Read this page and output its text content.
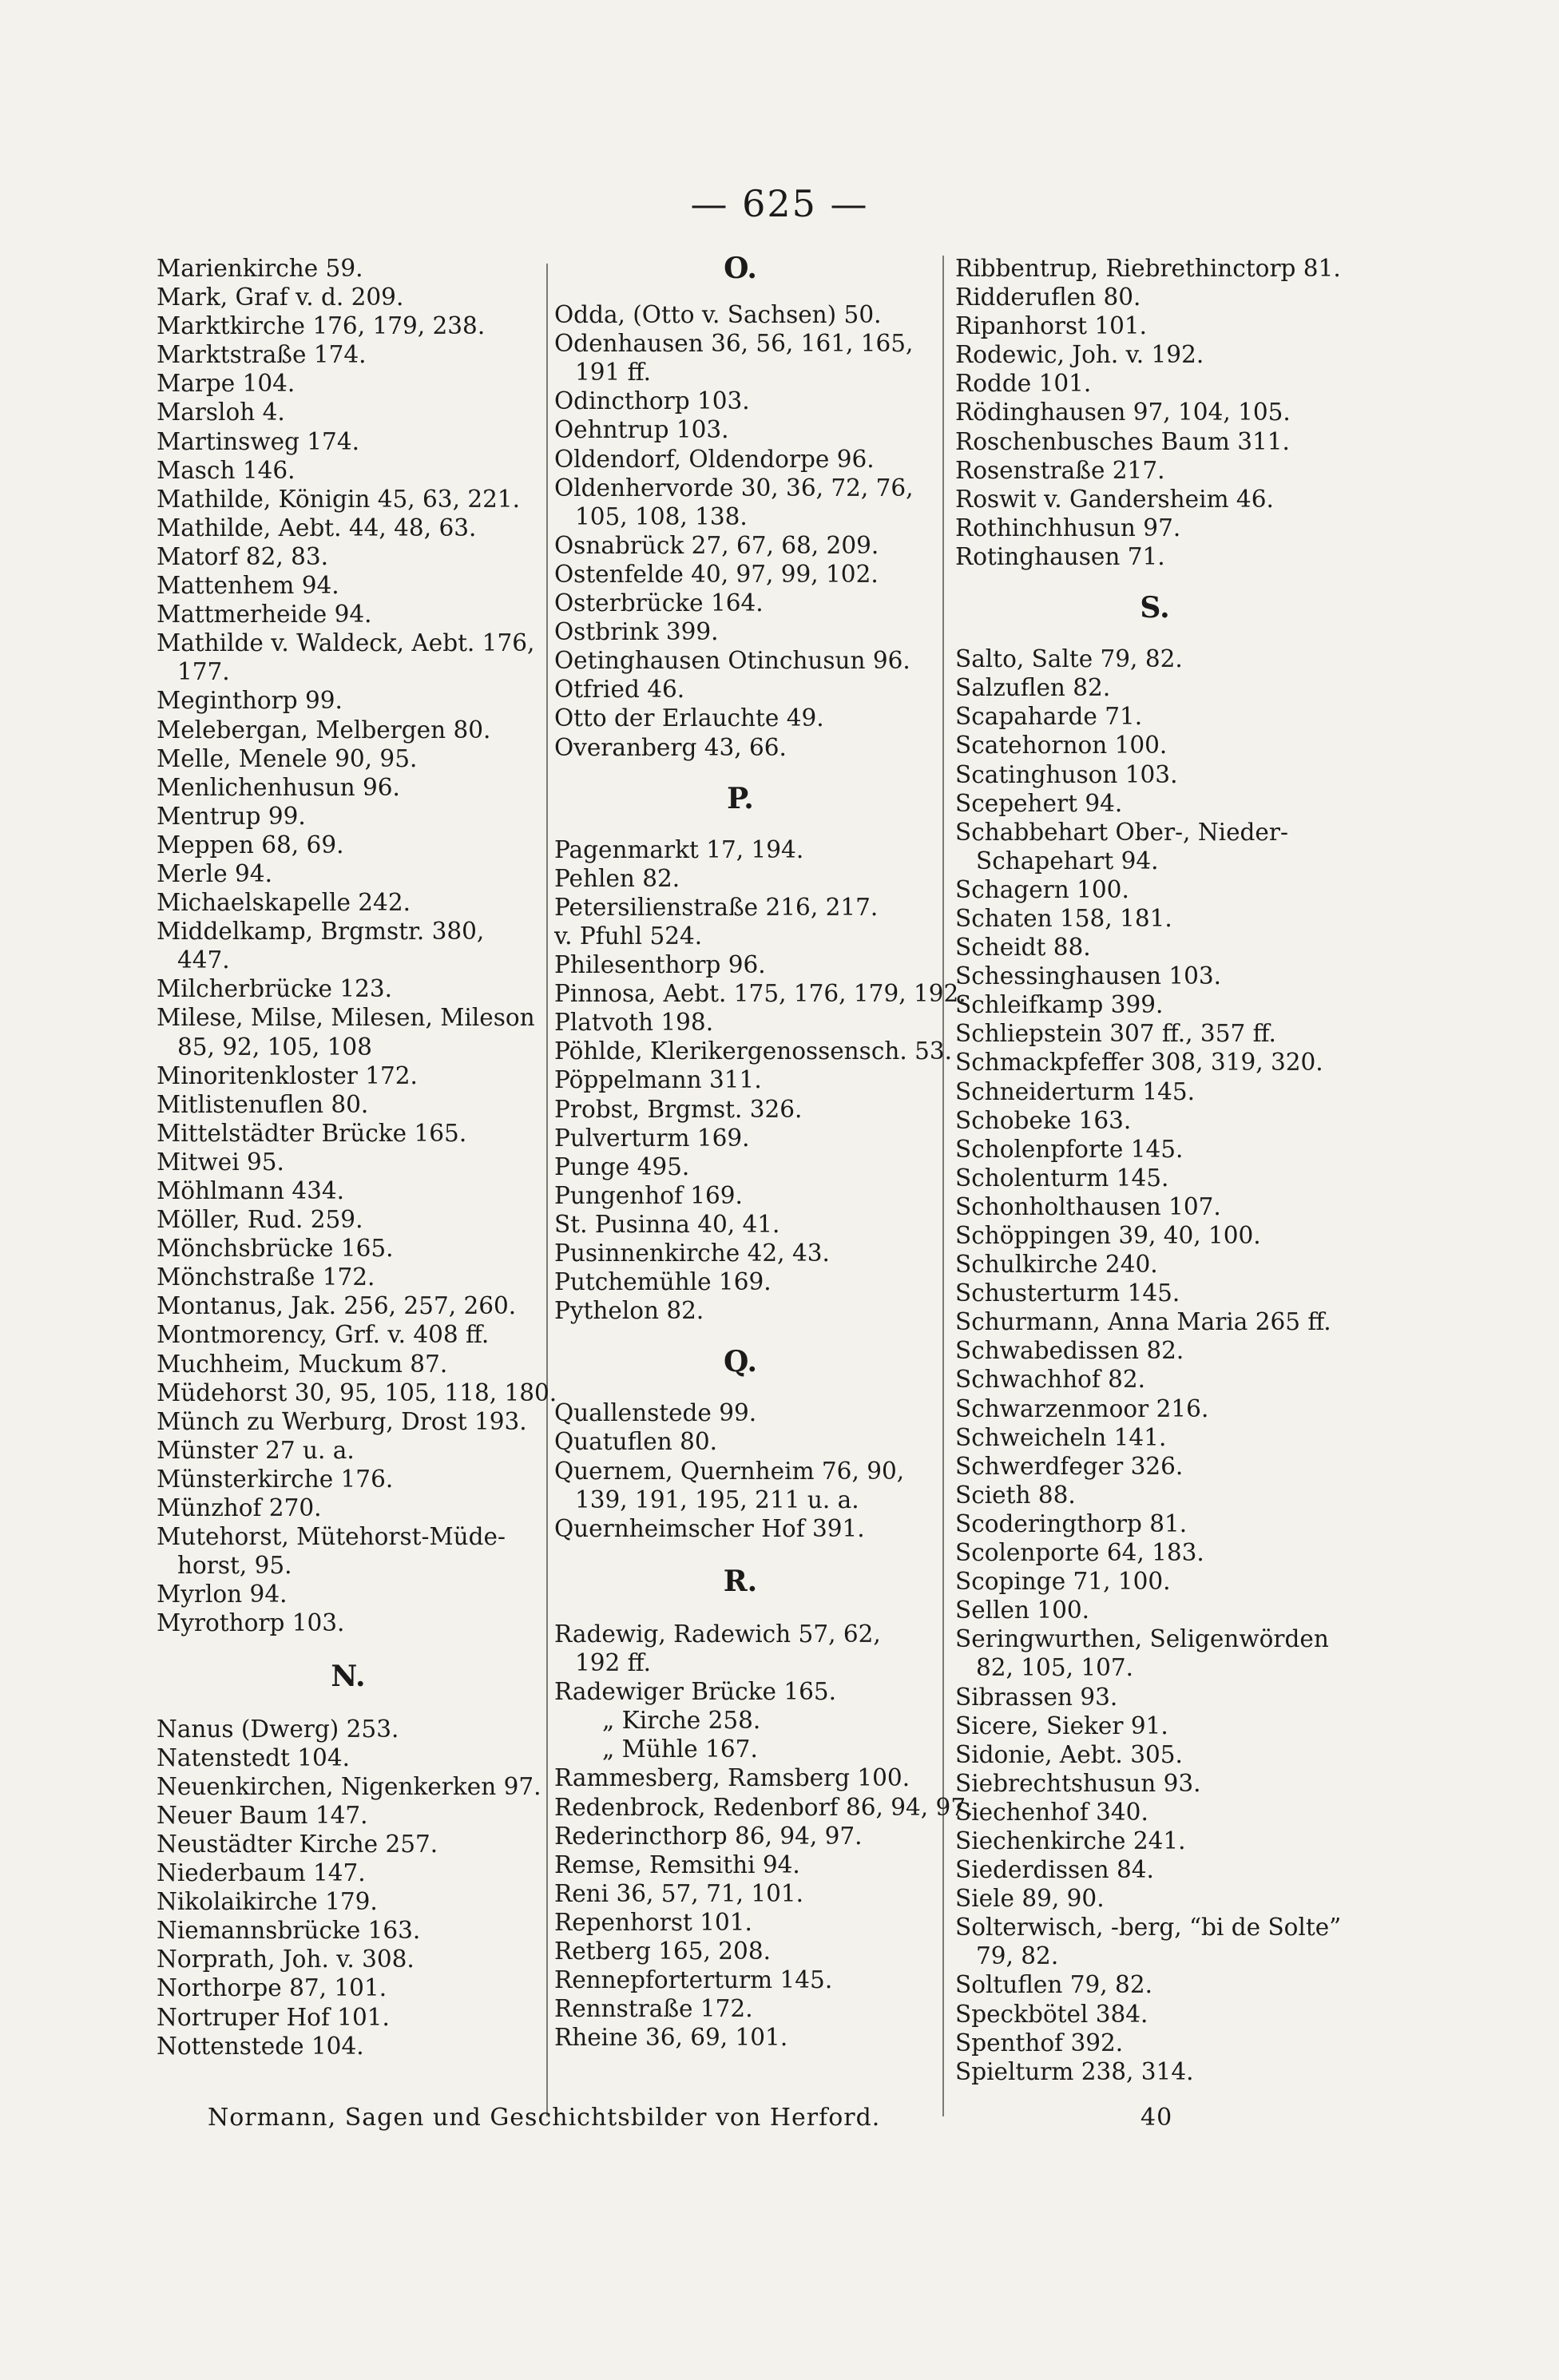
— 625 —
Marienkirche 59.
Mark, Graf v. d. 209.
Marktkirche 176, 179, 238.
Marktstraße 174.
Marpe 104.
Marsloh 4.
Martinsweg 174.
Masch 146.
Mathilde, Königin 45, 63, 221.
Mathilde, Aebt. 44, 48, 63.
Matorf 82, 83.
Mattenhem 94.
Mattmerheide 94.
Mathilde v. Waldeck, Aebt. 176,
177.
Meginthorp 99.
Melebergan, Melbergen 80.
Melle, Menele 90, 95.
Menlichenhusun 96.
Mentrup 99.
Meppen 68, 69.
Merle 94.
Michaelskapelle 242.
Middelkamp, Brgmstr. 380,
447.
Milcherbrücke 123.
Milese, Milse, Milesen, Mileson
85, 92, 105, 108
Minoritenkloster 172.
Mitlistenuflen 80.
Mittelstädter Brücke 165.
Mitwei 95.
Möhlmann 434.
Möller, Rud. 259.
Mönchsbrücke 165.
Mönchstraße 172.
Montanus, Jak. 256, 257, 260.
Montmorency, Grf. v. 408 ff.
Muchheim, Muckum 87.
Müdehorst 30, 95, 105, 118, 180.
Münch zu Werburg, Drost 193.
Münster 27 u. a.
Münsterkirche 176.
Münzhof 270.
Mutehorst, Mütehorst-Müde-
horst, 95.
Myrlon 94.
Myrothorp 103.
N.
Nanus (Dwerg) 253.
Natenstedt 104.
Neuenkirchen, Nigenkerken 97.
Neuer Baum 147.
Neustädter Kirche 257.
Niederbaum 147.
Nikolaikirche 179.
Niemannsbrücke 163.
Norprath, Joh. v. 308.
Northorpe 87, 101.
Nortruper Hof 101.
Nottenstede 104.
O.
Odda, (Otto v. Sachsen) 50.
Odenhausen 36, 56, 161, 165,
191 ff.
Odincthorp 103.
Oehntrup 103.
Oldendorf, Oldendorpe 96.
Oldenhervorde 30, 36, 72, 76,
105, 108, 138.
Osnabrück 27, 67, 68, 209.
Ostenfelde 40, 97, 99, 102.
Osterbrücke 164.
Ostbrink 399.
Oetinghausen Otinchusun 96.
Otfried 46.
Otto der Erlauchte 49.
Overanberg 43, 66.
P.
Pagenmarkt 17, 194.
Pehlen 82.
Petersilienstraße 216, 217.
v. Pfuhl 524.
Philesenthorp 96.
Pinnosa, Aebt. 175, 176, 179, 192.
Platvoth 198.
Pöhlde, Klerikergenossensch. 53.
Pöppelmann 311.
Probst, Brgmst. 326.
Pulverturm 169.
Punge 495.
Pungenhof 169.
St. Pusinna 40, 41.
Pusinnenkirche 42, 43.
Putchemühle 169.
Pythelon 82.
Q.
Quallenstede 99.
Quatuflen 80.
Quernem, Quernheim 76, 90,
139, 191, 195, 211 u. a.
Quernheimscher Hof 391.
R.
Radewig, Radewich 57, 62,
192 ff.
Radewiger Brücke 165.
„ Kirche 258.
„ Mühle 167.
Rammesberg, Ramsberg 100.
Redenbrock, Redenborf 86, 94, 97.
Rederincthorp 86, 94, 97.
Remse, Remsithi 94.
Reni 36, 57, 71, 101.
Repenhorst 101.
Retberg 165, 208.
Rennepforterturm 145.
Rennstraße 172.
Rheine 36, 69, 101.
Ribbentrup, Riebrethinctorp 81.
Ridderuflen 80.
Ripanhorst 101.
Rodewic, Joh. v. 192.
Rodde 101.
Rödinghausen 97, 104, 105.
Roschenbusches Baum 311.
Rosenstraße 217.
Roswit v. Gandersheim 46.
Rothinchhusun 97.
Rotinghausen 71.
S.
Salto, Salte 79, 82.
Salzuflen 82.
Scapaharde 71.
Scatehornon 100.
Scatinghuson 103.
Scepehert 94.
Schabbehart Ober-, Nieder-
Schapehart 94.
Schagern 100.
Schaten 158, 181.
Scheidt 88.
Schessinghausen 103.
Schleifkamp 399.
Schliepstein 307 ff., 357 ff.
Schmackpfeffer 308, 319, 320.
Schneiderturm 145.
Schobeke 163.
Scholenpforte 145.
Scholenturm 145.
Schonholthausen 107.
Schöppingen 39, 40, 100.
Schulkirche 240.
Schusterturm 145.
Schurmann, Anna Maria 265 ff.
Schwabedissen 82.
Schwachhof 82.
Schwarzenmoor 216.
Schweicheln 141.
Schwerdfeger 326.
Scieth 88.
Scoderingthorp 81.
Scolenporte 64, 183.
Scopinge 71, 100.
Sellen 100.
Seringwurthen, Seligenwörden
82, 105, 107.
Sibrassen 93.
Sicere, Sieker 91.
Sidonie, Aebt. 305.
Siebrechtshusun 93.
Siechenhof 340.
Siechenkirche 241.
Siederdissen 84.
Siele 89, 90.
Solterwisch, -berg, “bi de Solte”
79, 82.
Soltuflen 79, 82.
Speckbötel 384.
Spenthof 392.
Spielturm 238, 314.
Normann, Sagen und Geschichtsbilder von Herford.	40
